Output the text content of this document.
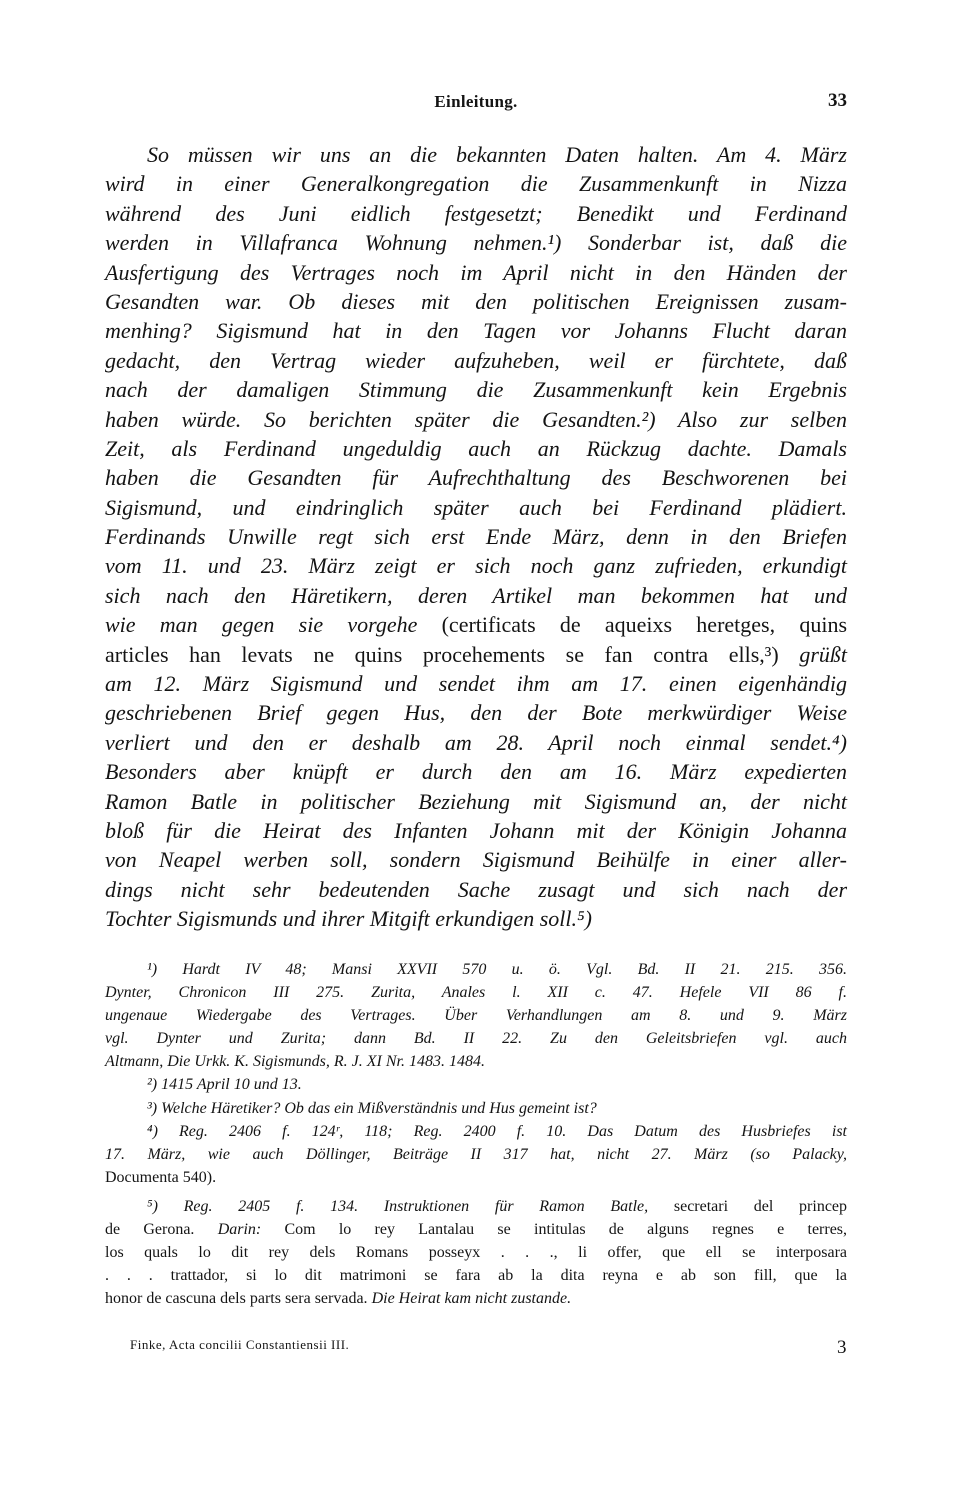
Einleitung.	33
So müssen wir uns an die bekannten Daten halten. Am 4. März
wird in einer Generalkongregation die Zusammenkunft in Nizza
während des Juni eidlich festgesetzt; Benedikt und Ferdinand
werden in Villafranca Wohnung nehmen.¹) Sonderbar ist, daß die
Ausfertigung des Vertrages noch im April nicht in den Händen der
Gesandten war. Ob dieses mit den politischen Ereignissen zusam-
menhing? Sigismund hat in den Tagen vor Johanns Flucht daran
gedacht, den Vertrag wieder aufzuheben, weil er fürchtete, daß
nach der damaligen Stimmung die Zusammenkunft kein Ergebnis
haben würde. So berichten später die Gesandten.²) Also zur selben
Zeit, als Ferdinand ungeduldig auch an Rückzug dachte. Damals
haben die Gesandten für Aufrechthaltung des Beschworenen bei
Sigismund, und eindringlich später auch bei Ferdinand plädiert.
Ferdinands Unwille regt sich erst Ende März, denn in den Briefen
vom 11. und 23. März zeigt er sich noch ganz zufrieden, erkundigt
sich nach den Häretikern, deren Artikel man bekommen hat und
wie man gegen sie vorgehe (certificats de aqueixs heretges, quins
articles han levats ne quins procehements se fan contra ells,³) grüßt
am 12. März Sigismund und sendet ihm am 17. einen eigenhändig
geschriebenen Brief gegen Hus, den der Bote merkwürdiger Weise
verliert und den er deshalb am 28. April noch einmal sendet.⁴)
Besonders aber knüpft er durch den am 16. März expedierten
Ramon Batle in politischer Beziehung mit Sigismund an, der nicht
bloß für die Heirat des Infanten Johann mit der Königin Johanna
von Neapel werben soll, sondern Sigismund Beihülfe in einer aller-
dings nicht sehr bedeutenden Sache zusagt und sich nach der
Tochter Sigismunds und ihrer Mitgift erkundigen soll.⁵)
¹) Hardt IV 48; Mansi XXVII 570 u. ö. Vgl. Bd. II 21. 215. 356.
Dynter, Chronicon III 275. Zurita, Anales l. XII c. 47. Hefele VII 86 f.
ungenaue Wiedergabe des Vertrages. Über Verhandlungen am 8. und 9. März
vgl. Dynter und Zurita; dann Bd. II 22. Zu den Geleitsbriefen vgl. auch
Altmann, Die Urkk. K. Sigismunds, R. J. XI Nr. 1483. 1484.
²) 1415 April 10 und 13.
³) Welche Häretiker? Ob das ein Mißverständnis und Hus gemeint ist?
⁴) Reg. 2406 f. 124ʳ, 118; Reg. 2400 f. 10. Das Datum des Husbriefes ist
17. März, wie auch Döllinger, Beiträge II 317 hat, nicht 27. März (so Palacky,
Documenta 540).
⁵) Reg. 2405 f. 134. Instruktionen für Ramon Batle, secretari del princep
de Gerona. Darin: Com lo rey Lantalau se intitulas de alguns regnes e terres,
los quals lo dit rey dels Romans posseyx . . ., li offer, que ell se interposara
. . . trattador, si lo dit matrimoni se fara ab la dita reyna e ab son fill, que la
honor de cascuna dels parts sera servada. Die Heirat kam nicht zustande.
Finke, Acta concilii Constantiensii III.	3
